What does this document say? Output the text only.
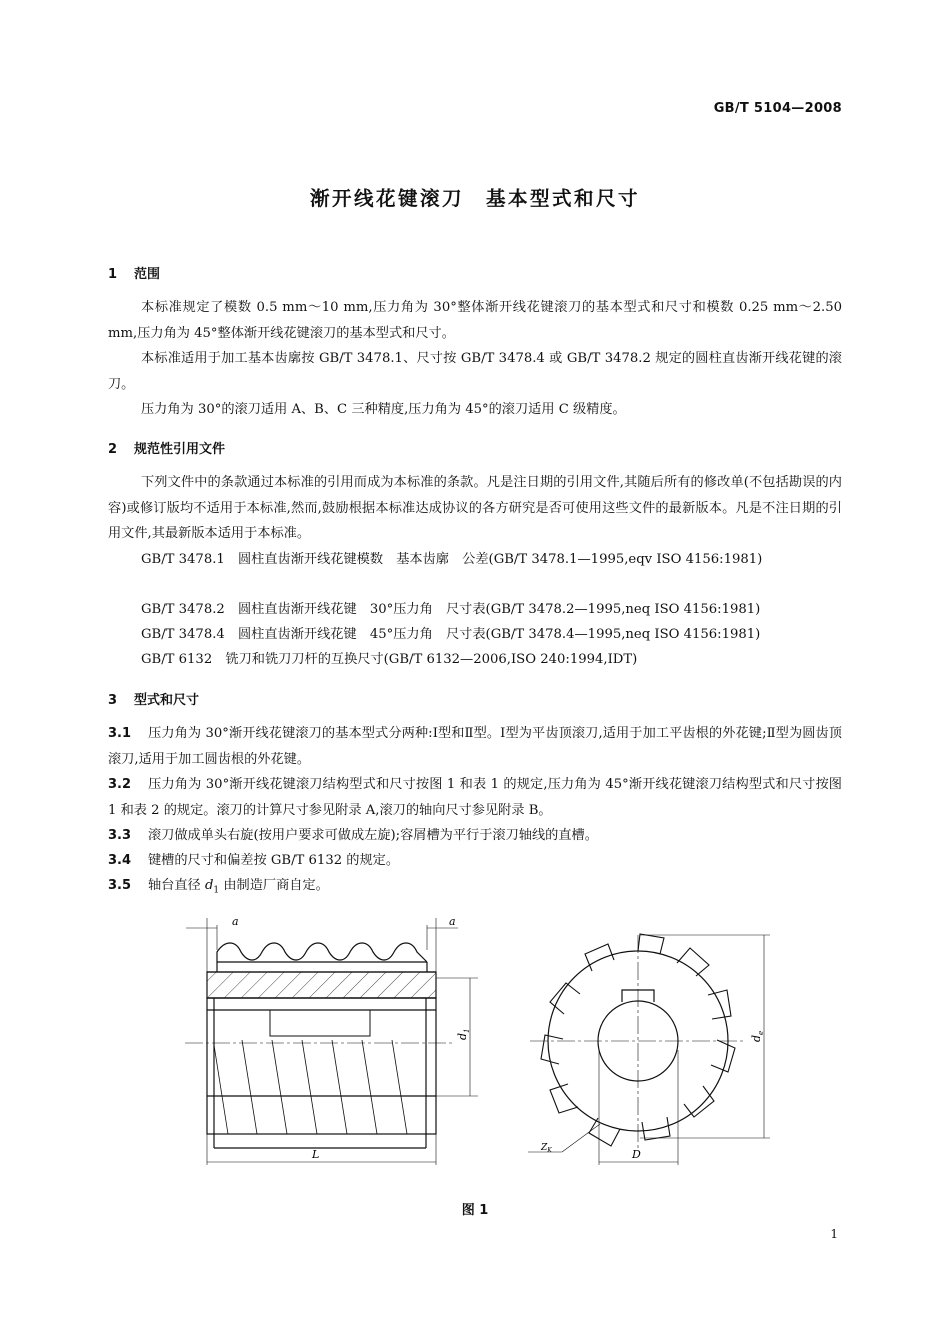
GB/T 5104—2008
渐开线花键滚刀　基本型式和尺寸
1 范围

本标准规定了模数 0.5 mm～10 mm,压力角为 30°整体渐开线花键滚刀的基本型式和尺寸和模数 0.25 mm～2.50 mm,压力角为 45°整体渐开线花键滚刀的基本型式和尺寸。

本标准适用于加工基本齿廓按 GB/T 3478.1、尺寸按 GB/T 3478.4 或 GB/T 3478.2 规定的圆柱直齿渐开线花键的滚刀。

压力角为 30°的滚刀适用 A、B、C 三种精度,压力角为 45°的滚刀适用 C 级精度。

2 规范性引用文件

下列文件中的条款通过本标准的引用而成为本标准的条款。凡是注日期的引用文件,其随后所有的修改单(不包括勘误的内容)或修订版均不适用于本标准,然而,鼓励根据本标准达成协议的各方研究是否可使用这些文件的最新版本。凡是不注日期的引用文件,其最新版本适用于本标准。

GB/T 3478.1　圆柱直齿渐开线花键模数　基本齿廓　公差(GB/T 3478.1—1995,eqv ISO 4156:1981)

GB/T 3478.2　圆柱直齿渐开线花键　30°压力角　尺寸表(GB/T 3478.2—1995,neq ISO 4156:1981)

GB/T 3478.4　圆柱直齿渐开线花键　45°压力角　尺寸表(GB/T 3478.4—1995,neq ISO 4156:1981)

GB/T 6132　铣刀和铣刀刀杆的互换尺寸(GB/T 6132—2006,ISO 240:1994,IDT)

3 型式和尺寸

3.1 压力角为 30°渐开线花键滚刀的基本型式分两种:Ⅰ型和Ⅱ型。Ⅰ型为平齿顶滚刀,适用于加工平齿根的外花键;Ⅱ型为圆齿顶滚刀,适用于加工圆齿根的外花键。

3.2 压力角为 30°渐开线花键滚刀结构型式和尺寸按图 1 和表 1 的规定,压力角为 45°渐开线花键滚刀结构型式和尺寸按图 1 和表 2 的规定。滚刀的计算尺寸参见附录 A,滚刀的轴向尺寸参见附录 B。

3.3 滚刀做成单头右旋(按用户要求可做成左旋);容屑槽为平行于滚刀轴线的直槽。

3.4 键槽的尺寸和偏差按 GB/T 6132 的规定。

3.5 轴台直径 $d_1$ 由制造厂商自定。

a	a
$d_1$
L
$d_e$
$Z_K$	D
图 1
1
